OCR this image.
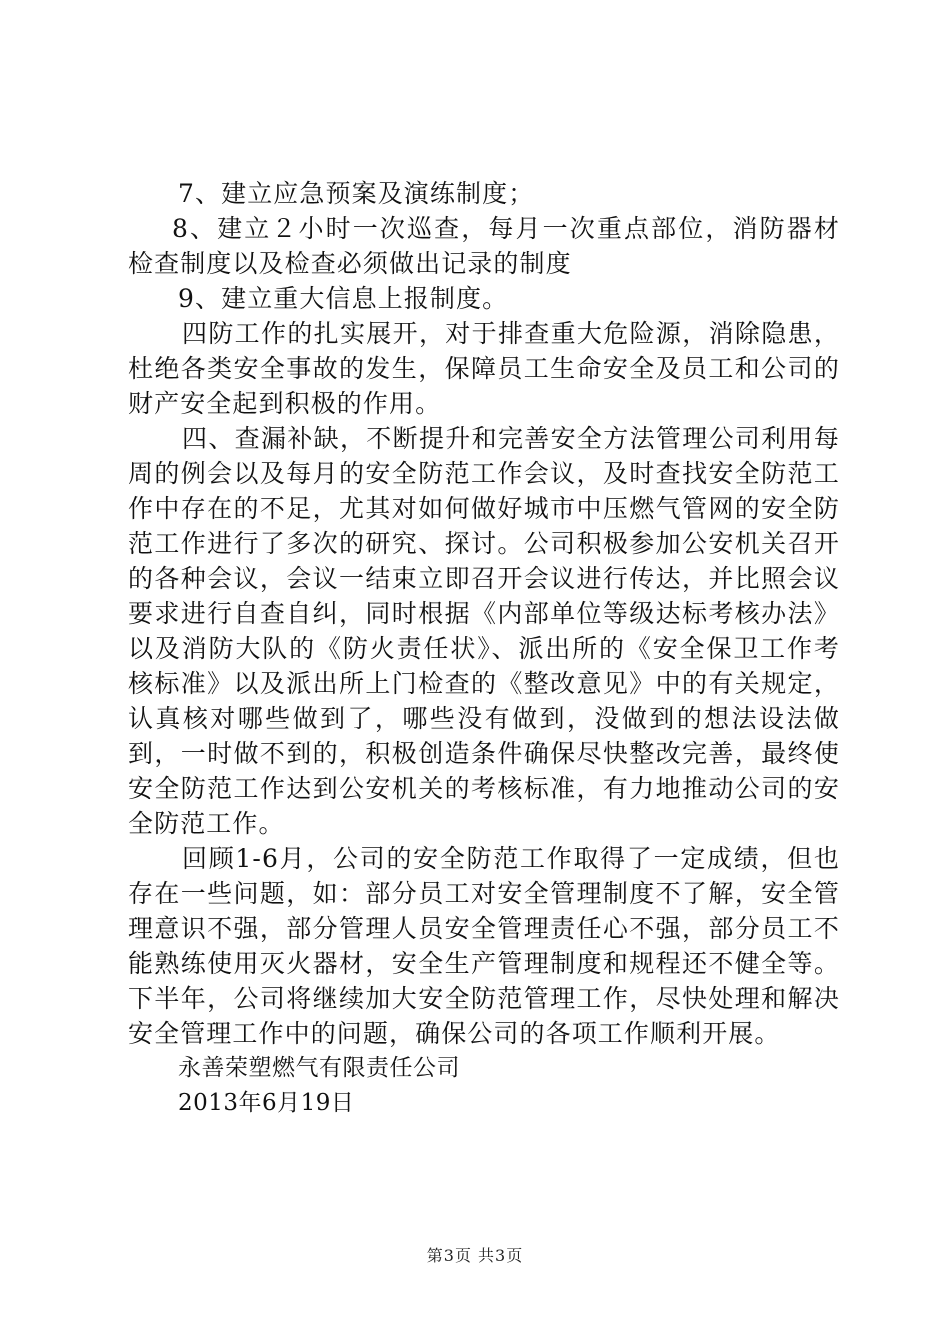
7、建立应急预案及演练制度；

8、建立２小时一次巡查，每月一次重点部位，消防器材检查制度以及检查必须做出记录的制度

9、建立重大信息上报制度。

四防工作的扎实展开，对于排查重大危险源，消除隐患，杜绝各类安全事故的发生，保障员工生命安全及员工和公司的财产安全起到积极的作用。

四、查漏补缺，不断提升和完善安全方法管理公司利用每周的例会以及每月的安全防范工作会议，及时查找安全防范工作中存在的不足，尤其对如何做好城市中压燃气管网的安全防范工作进行了多次的研究、探讨。公司积极参加公安机关召开的各种会议，会议一结束立即召开会议进行传达，并比照会议要求进行自查自纠，同时根据《内部单位等级达标考核办法》以及消防大队的《防火责任状》、派出所的《安全保卫工作考核标准》以及派出所上门检查的《整改意见》中的有关规定，认真核对哪些做到了，哪些没有做到，没做到的想法设法做到，一时做不到的，积极创造条件确保尽快整改完善，最终使安全防范工作达到公安机关的考核标准，有力地推动公司的安全防范工作。

回顾1-6月，公司的安全防范工作取得了一定成绩，但也存在一些问题，如：部分员工对安全管理制度不了解，安全管理意识不强，部分管理人员安全管理责任心不强，部分员工不能熟练使用灭火器材，安全生产管理制度和规程还不健全等。下半年，公司将继续加大安全防范管理工作，尽快处理和解决安全管理工作中的问题，确保公司的各项工作顺利开展。

永善荣塑燃气有限责任公司

2013年6月19日

第3页 共3页
